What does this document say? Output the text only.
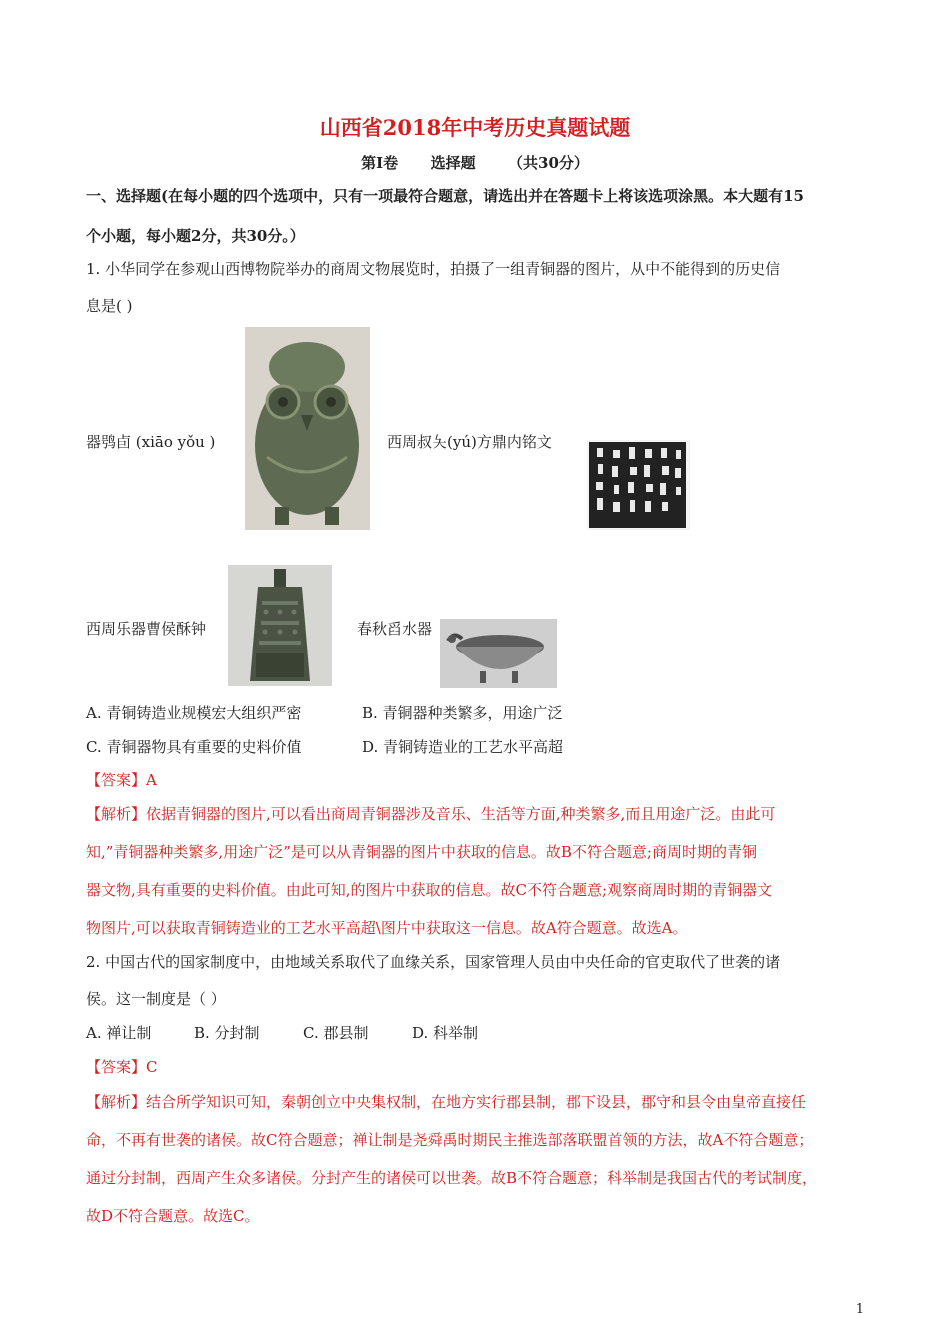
山西省2018年中考历史真题试题
第Ⅰ卷 选择题 （共30分）
一、选择题(在每小题的四个选项中，只有一项最符合题意，请选出并在答题卡上将该选项涂黑。本大题有15
个小题，每小题2分，共30分。）
1. 小华同学在参观山西博物院举办的商周文物展览时，拍摄了一组青铜器的图片，从中不能得到的历史信
息是( )
器鸮卣 (xiāo yǒu )	西周叔夨(yú)方鼎内铭文
西周乐器曹侯酥钟	春秋舀水器
A. 青铜铸造业规模宏大组织严密	B. 青铜器种类繁多，用途广泛
C. 青铜器物具有重要的史料价值	D. 青铜铸造业的工艺水平高超
【答案】A
【解析】依据青铜器的图片,可以看出商周青铜器涉及音乐、生活等方面,种类繁多,而且用途广泛。由此可
知,”青铜器种类繁多,用途广泛”是可以从青铜器的图片中获取的信息。故B不符合题意;商周时期的青铜
器文物,具有重要的史料价值。由此可知,的图片中获取的信息。故C不符合题意;观察商周时期的青铜器文
物图片,可以获取青铜铸造业的工艺水平高超\图片中获取这一信息。故A符合题意。故选A。
2. 中国古代的国家制度中，由地域关系取代了血缘关系，国家管理人员由中央任命的官吏取代了世袭的诸
侯。这一制度是（ ）
A. 禅让制	B. 分封制	C. 郡县制	D. 科举制
【答案】C
【解析】结合所学知识可知，秦朝创立中央集权制，在地方实行郡县制，郡下设县，郡守和县令由皇帝直接任
命，不再有世袭的诸侯。故C符合题意；禅让制是尧舜禹时期民主推选部落联盟首领的方法，故A不符合题意；
通过分封制，西周产生众多诸侯。分封产生的诸侯可以世袭。故B不符合题意；科举制是我国古代的考试制度，
故D不符合题意。故选C。
1
